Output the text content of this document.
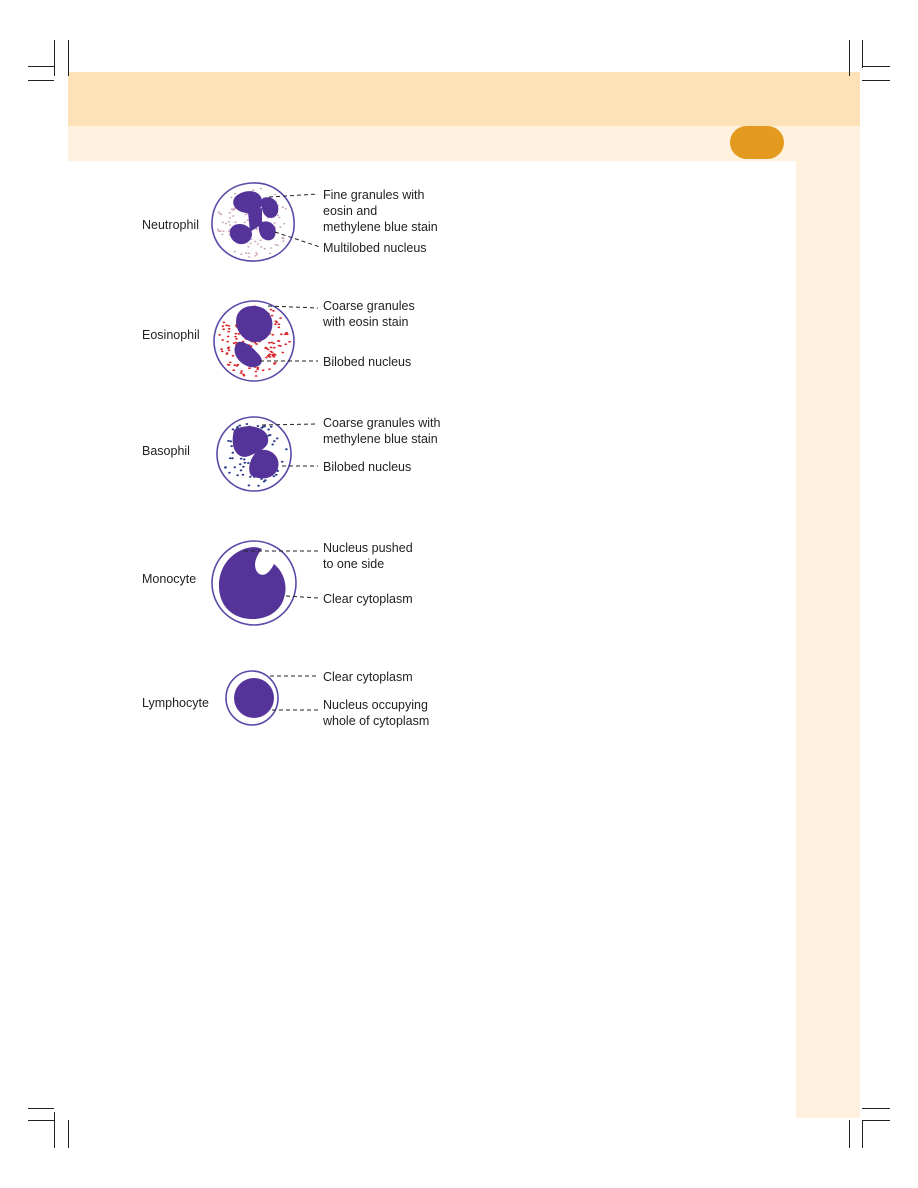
Neutrophil
Fine granules with eosin and methylene blue stain
Multilobed nucleus
Eosinophil
Coarse granules with eosin stain
Bilobed nucleus
Basophil
Coarse granules with methylene blue stain
Bilobed nucleus
Monocyte
Nucleus pushed to one side
Clear cytoplasm
Lymphocyte
Clear cytoplasm
Nucleus occupying whole of cytoplasm
